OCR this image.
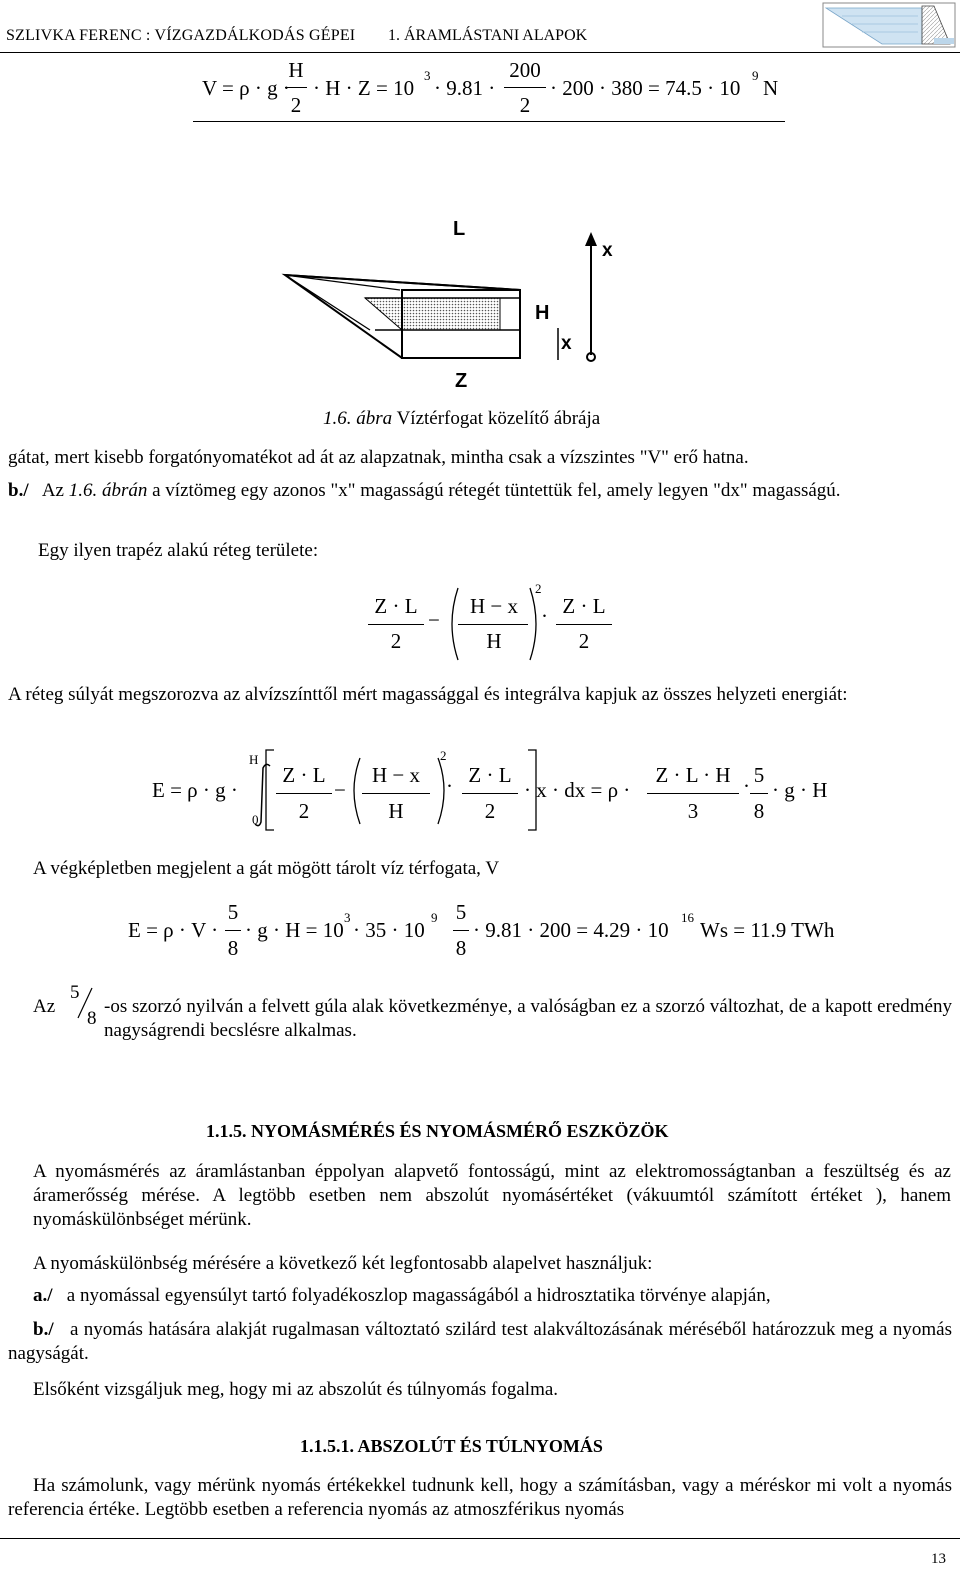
SZLIVKA FERENC : VÍZGAZDÁLKODÁS GÉPEI 1. ÁRAMLÁSTANI ALAPOK
V = ρ · g ·
H
2
· H · Z = 10
3
· 9.81 ·
200
2
· 200 · 380 = 74.5 · 10
9
N
L
x
H
x
Z
1.6. ábra Víztérfogat közelítő ábrája
gátat, mert kisebb forgatónyomatékot ad át az alapzatnak, mintha csak a vízszintes "V" erő hatna.
b./ Az 1.6. ábrán a víztömeg egy azonos "x" magasságú rétegét tüntettük fel, amely legyen "dx" magasságú.
Egy ilyen trapéz alakú réteg területe:
Z · L
2
−
H − x
H
2
· Z · L
2
A réteg súlyát megszorozva az alvízszínttől mért magassággal és integrálva kapjuk az összes helyzeti energiát:
E = ρ · g ·
H
0
Z · L
2
−
H − x
H
2
· Z · L
2
· x · dx = ρ ·
Z · L · H
3
· 5
8
· g · H
A végképletben megjelent a gát mögött tárolt víz térfogata, V
E = ρ · V ·
5
8
· g · H = 10
3
· 35 · 10
9 5
8
· 9.81 · 200 = 4.29 · 10
16
Ws = 11.9 TWh
Az
5
8
-os szorzó nyilván a felvett gúla alak következménye, a valóságban ez a szorzó változhat, de a kapott eredmény nagyságrendi becslésre alkalmas.
1.1.5. NYOMÁSMÉRÉS ÉS NYOMÁSMÉRŐ ESZKÖZÖK
A nyomásmérés az áramlástanban éppolyan alapvető fontosságú, mint az elektromosságtanban a feszültség és az áramerősség mérése. A legtöbb esetben nem abszolút nyomásértéket (vákuumtól számított értéket ), hanem nyomáskülönbséget mérünk.
A nyomáskülönbség mérésére a következő két legfontosabb alapelvet használjuk:
a./ a nyomással egyensúlyt tartó folyadékoszlop magasságából a hidrosztatika törvénye alapján,
b./ a nyomás hatására alakját rugalmasan változtató szilárd test alakváltozásának méréséből határozzuk meg a nyomás nagyságát.
Elsőként vizsgáljuk meg, hogy mi az abszolút és túlnyomás fogalma.
1.1.5.1. ABSZOLÚT ÉS TÚLNYOMÁS
Ha számolunk, vagy mérünk nyomás értékekkel tudnunk kell, hogy a számításban, vagy a méréskor mi volt a nyomás referencia értéke. Legtöbb esetben a referencia nyomás az atmoszférikus nyomás
13
